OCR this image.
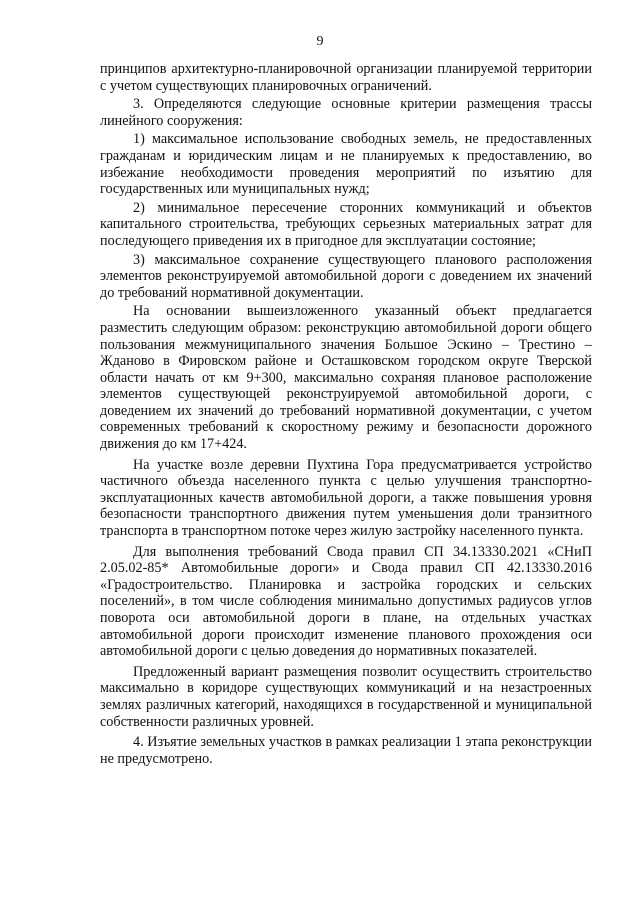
9

принципов архитектурно-планировочной организации планируемой территории с учетом существующих планировочных ограничений.

3. Определяются следующие основные критерии размещения трассы линейного сооружения:

1) максимальное использование свободных земель, не предоставленных гражданам и юридическим лицам и не планируемых к предоставлению, во избежание необходимости проведения мероприятий по изъятию для государственных или муниципальных нужд;

2) минимальное пересечение сторонних коммуникаций и объектов капитального строительства, требующих серьезных материальных затрат для последующего приведения их в пригодное для эксплуатации состояние;

3) максимальное сохранение существующего планового расположения элементов реконструируемой автомобильной дороги с доведением их значений до требований нормативной документации.

На основании вышеизложенного указанный объект предлагается разместить следующим образом: реконструкцию автомобильной дороги общего пользования межмуниципального значения Большое Эскино – Трестино – Жданово в Фировском районе и Осташковском городском округе Тверской области начать от км 9+300, максимально сохраняя плановое расположение элементов существующей реконструируемой автомобильной дороги, с доведением их значений до требований нормативной документации, с учетом современных требований к скоростному режиму и безопасности дорожного движения до км 17+424.

На участке возле деревни Пухтина Гора предусматривается устройство частичного объезда населенного пункта с целью улучшения транспортно-эксплуатационных качеств автомобильной дороги, а также повышения уровня безопасности транспортного движения путем уменьшения доли транзитного транспорта в транспортном потоке через жилую застройку населенного пункта.

Для выполнения требований Свода правил СП 34.13330.2021 «СНиП 2.05.02-85* Автомобильные дороги» и Свода правил СП 42.13330.2016 «Градостроительство. Планировка и застройка городских и сельских поселений», в том числе соблюдения минимально допустимых радиусов углов поворота оси автомобильной дороги в плане, на отдельных участках автомобильной дороги происходит изменение планового прохождения оси автомобильной дороги с целью доведения до нормативных показателей.

Предложенный вариант размещения позволит осуществить строительство максимально в коридоре существующих коммуникаций и на незастроенных землях различных категорий, находящихся в государственной и муниципальной собственности различных уровней.

4. Изъятие земельных участков в рамках реализации 1 этапа реконструкции не предусмотрено.
